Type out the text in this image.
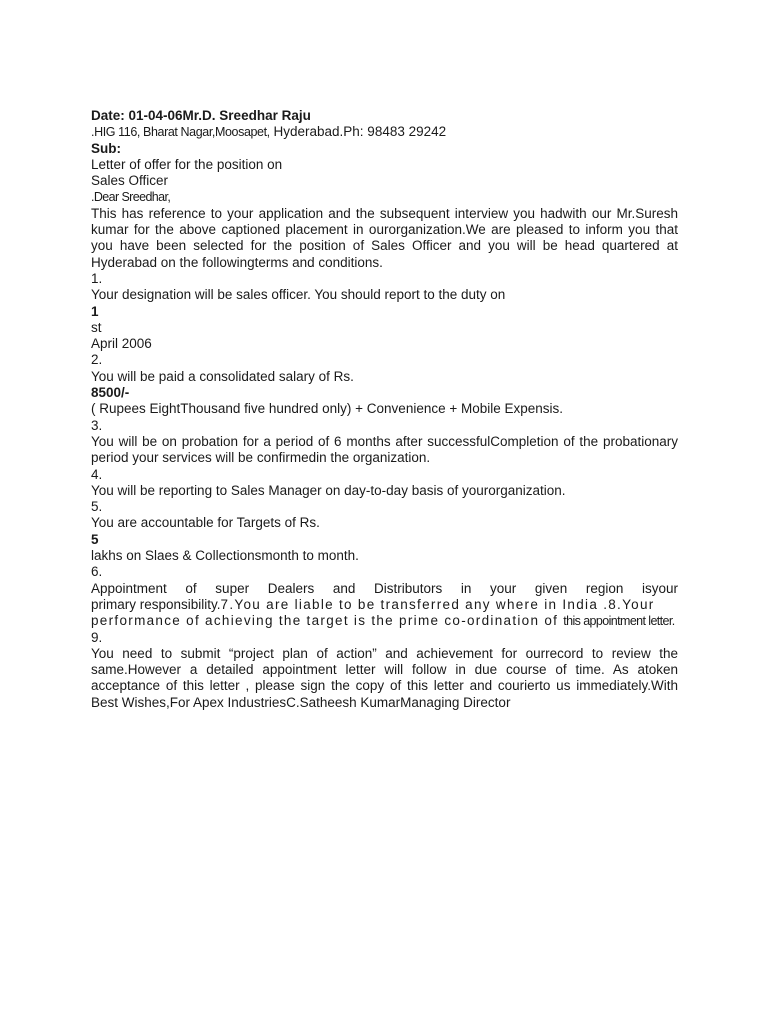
Date: 01-04-06Mr.D. Sreedhar Raju
.HIG 116, Bharat Nagar,Moosapet, Hyderabad.Ph: 98483 29242
Sub:
Letter of offer for the position on
Sales Officer
.Dear Sreedhar,
This has reference to your application and the subsequent interview you hadwith our Mr.Suresh kumar for the above captioned placement in ourorganization.We are pleased to inform you that you have been selected for the position of Sales Officer and you will be head quartered at Hyderabad on the followingterms and conditions.
1.
Your designation will be sales officer. You should report to the duty on
1
st
April 2006
2.
You will be paid a consolidated salary of Rs.
8500/-
( Rupees EightThousand five hundred only) + Convenience + Mobile Expensis.
3.
You will be on probation for a period of 6 months after successfulCompletion of the probationary period your services will be confirmedin the organization.
4.
You will be reporting to Sales Manager on day-to-day basis of yourorganization.
5.
You are accountable for Targets of Rs.
5
lakhs on Slaes & Collectionsmonth to month.
6.
Appointment of super Dealers and Distributors in your given region isyour
primary responsibility.7.You are liable to be transferred any where in India .8.Your
performance of achieving the target is the prime co-ordination of this appointment letter.
9.
You need to submit “project plan of action” and achievement for ourrecord to review the same.However a detailed appointment letter will follow in due course of time. As atoken acceptance of this letter , please sign the copy of this letter and courierto us immediately.With Best Wishes,For Apex IndustriesC.Satheesh KumarManaging Director
